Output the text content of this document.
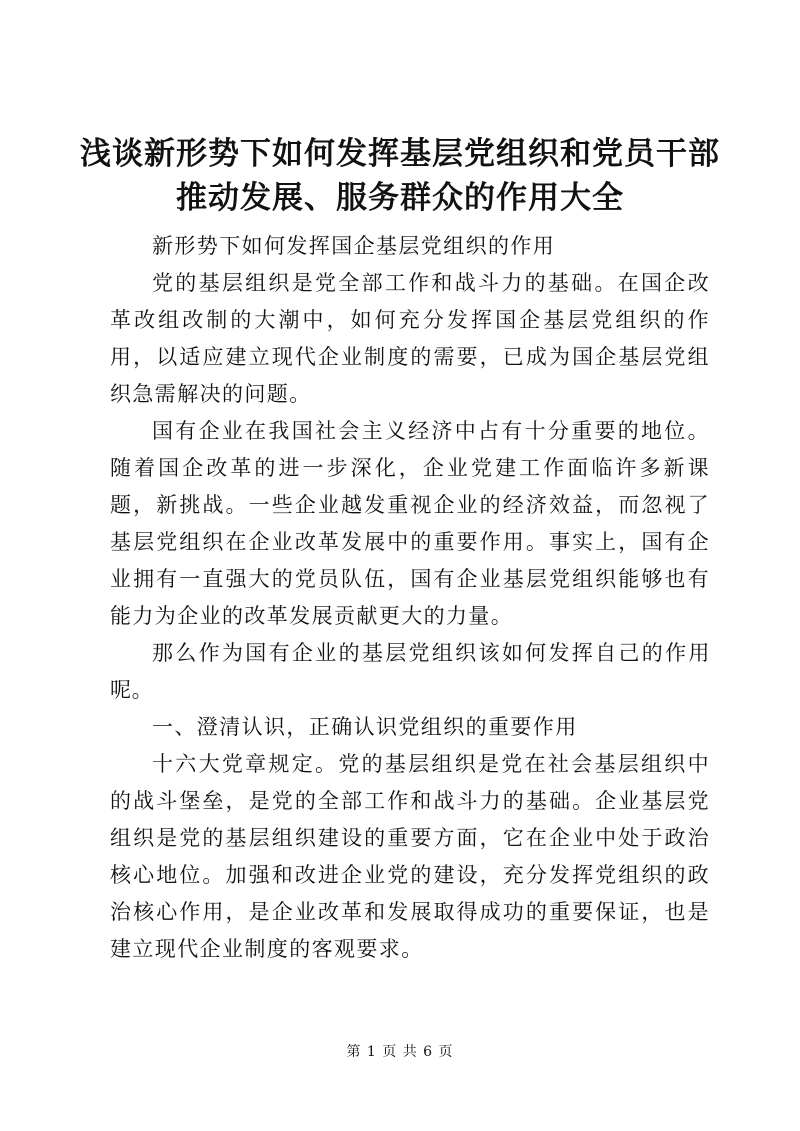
浅谈新形势下如何发挥基层党组织和党员干部
推动发展、服务群众的作用大全

新形势下如何发挥国企基层党组织的作用

党的基层组织是党全部工作和战斗力的基础。在国企改革改组改制的大潮中，如何充分发挥国企基层党组织的作用，以适应建立现代企业制度的需要，已成为国企基层党组织急需解决的问题。

国有企业在我国社会主义经济中占有十分重要的地位。随着国企改革的进一步深化，企业党建工作面临许多新课题，新挑战。一些企业越发重视企业的经济效益，而忽视了基层党组织在企业改革发展中的重要作用。事实上，国有企业拥有一直强大的党员队伍，国有企业基层党组织能够也有能力为企业的改革发展贡献更大的力量。

那么作为国有企业的基层党组织该如何发挥自己的作用呢。

一、澄清认识，正确认识党组织的重要作用

十六大党章规定。党的基层组织是党在社会基层组织中的战斗堡垒，是党的全部工作和战斗力的基础。企业基层党组织是党的基层组织建设的重要方面，它在企业中处于政治核心地位。加强和改进企业党的建设，充分发挥党组织的政治核心作用，是企业改革和发展取得成功的重要保证，也是建立现代企业制度的客观要求。

第 1 页 共 6 页
